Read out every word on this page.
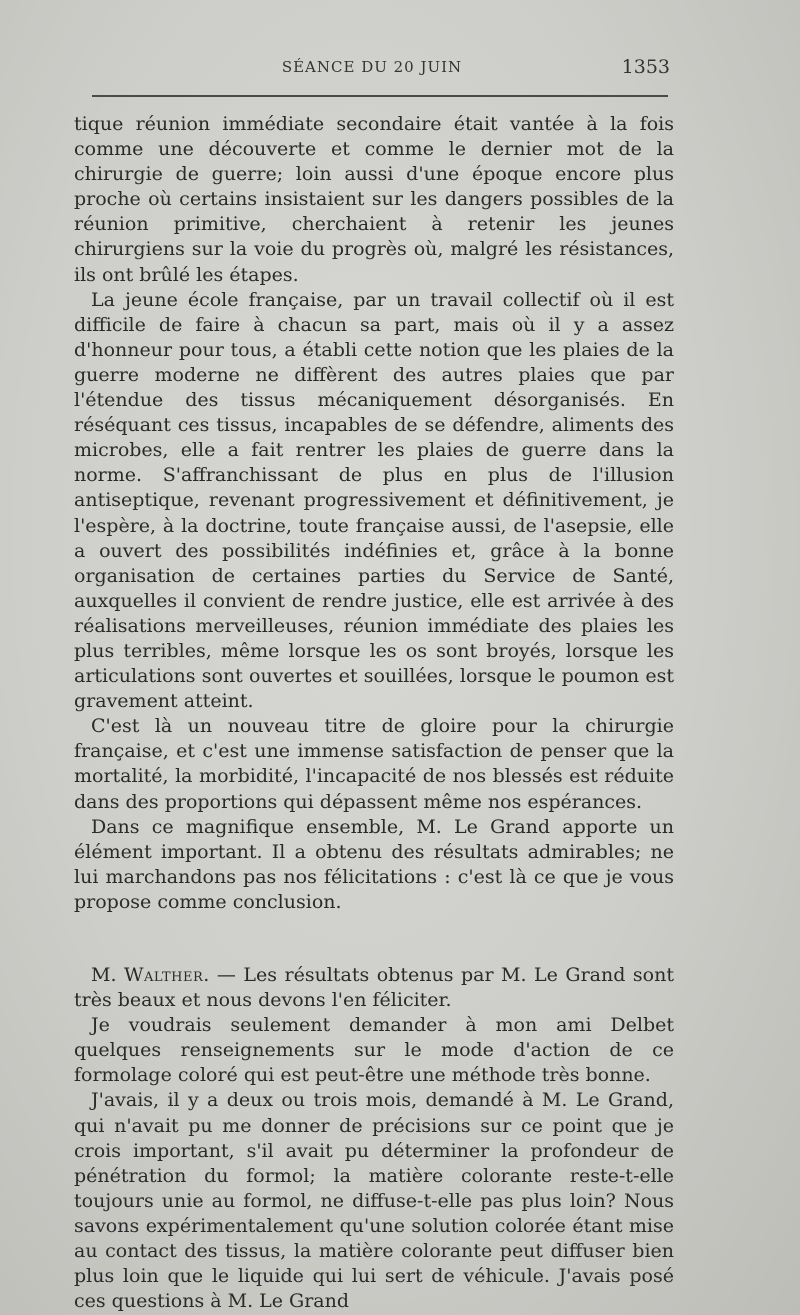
SÉANCE DU 20 JUIN	1353

tique réunion immédiate secondaire était vantée à la fois comme une découverte et comme le dernier mot de la chirurgie de guerre; loin aussi d'une époque encore plus proche où certains insistaient sur les dangers possibles de la réunion primitive, cherchaient à retenir les jeunes chirurgiens sur la voie du progrès où, malgré les résistances, ils ont brûlé les étapes.

La jeune école française, par un travail collectif où il est difficile de faire à chacun sa part, mais où il y a assez d'honneur pour tous, a établi cette notion que les plaies de la guerre moderne ne diffèrent des autres plaies que par l'étendue des tissus mécaniquement désorganisés. En réséquant ces tissus, incapables de se défendre, aliments des microbes, elle a fait rentrer les plaies de guerre dans la norme. S'affranchissant de plus en plus de l'illusion antiseptique, revenant progressivement et définitivement, je l'espère, à la doctrine, toute française aussi, de l'asepsie, elle a ouvert des possibilités indéfinies et, grâce à la bonne organisation de certaines parties du Service de Santé, auxquelles il convient de rendre justice, elle est arrivée à des réalisations merveilleuses, réunion immédiate des plaies les plus terribles, même lorsque les os sont broyés, lorsque les articulations sont ouvertes et souillées, lorsque le poumon est gravement atteint.

C'est là un nouveau titre de gloire pour la chirurgie française, et c'est une immense satisfaction de penser que la mortalité, la morbidité, l'incapacité de nos blessés est réduite dans des proportions qui dépassent même nos espérances.

Dans ce magnifique ensemble, M. Le Grand apporte un élément important. Il a obtenu des résultats admirables; ne lui marchandons pas nos félicitations : c'est là ce que je vous propose comme conclusion.

M. Walther. — Les résultats obtenus par M. Le Grand sont très beaux et nous devons l'en féliciter.

Je voudrais seulement demander à mon ami Delbet quelques renseignements sur le mode d'action de ce formolage coloré qui est peut-être une méthode très bonne.

J'avais, il y a deux ou trois mois, demandé à M. Le Grand, qui n'avait pu me donner de précisions sur ce point que je crois important, s'il avait pu déterminer la profondeur de pénétration du formol; la matière colorante reste-t-elle toujours unie au formol, ne diffuse-t-elle pas plus loin? Nous savons expérimentalement qu'une solution colorée étant mise au contact des tissus, la matière colorante peut diffuser bien plus loin que le liquide qui lui sert de véhicule. J'avais posé ces questions à M. Le Grand
